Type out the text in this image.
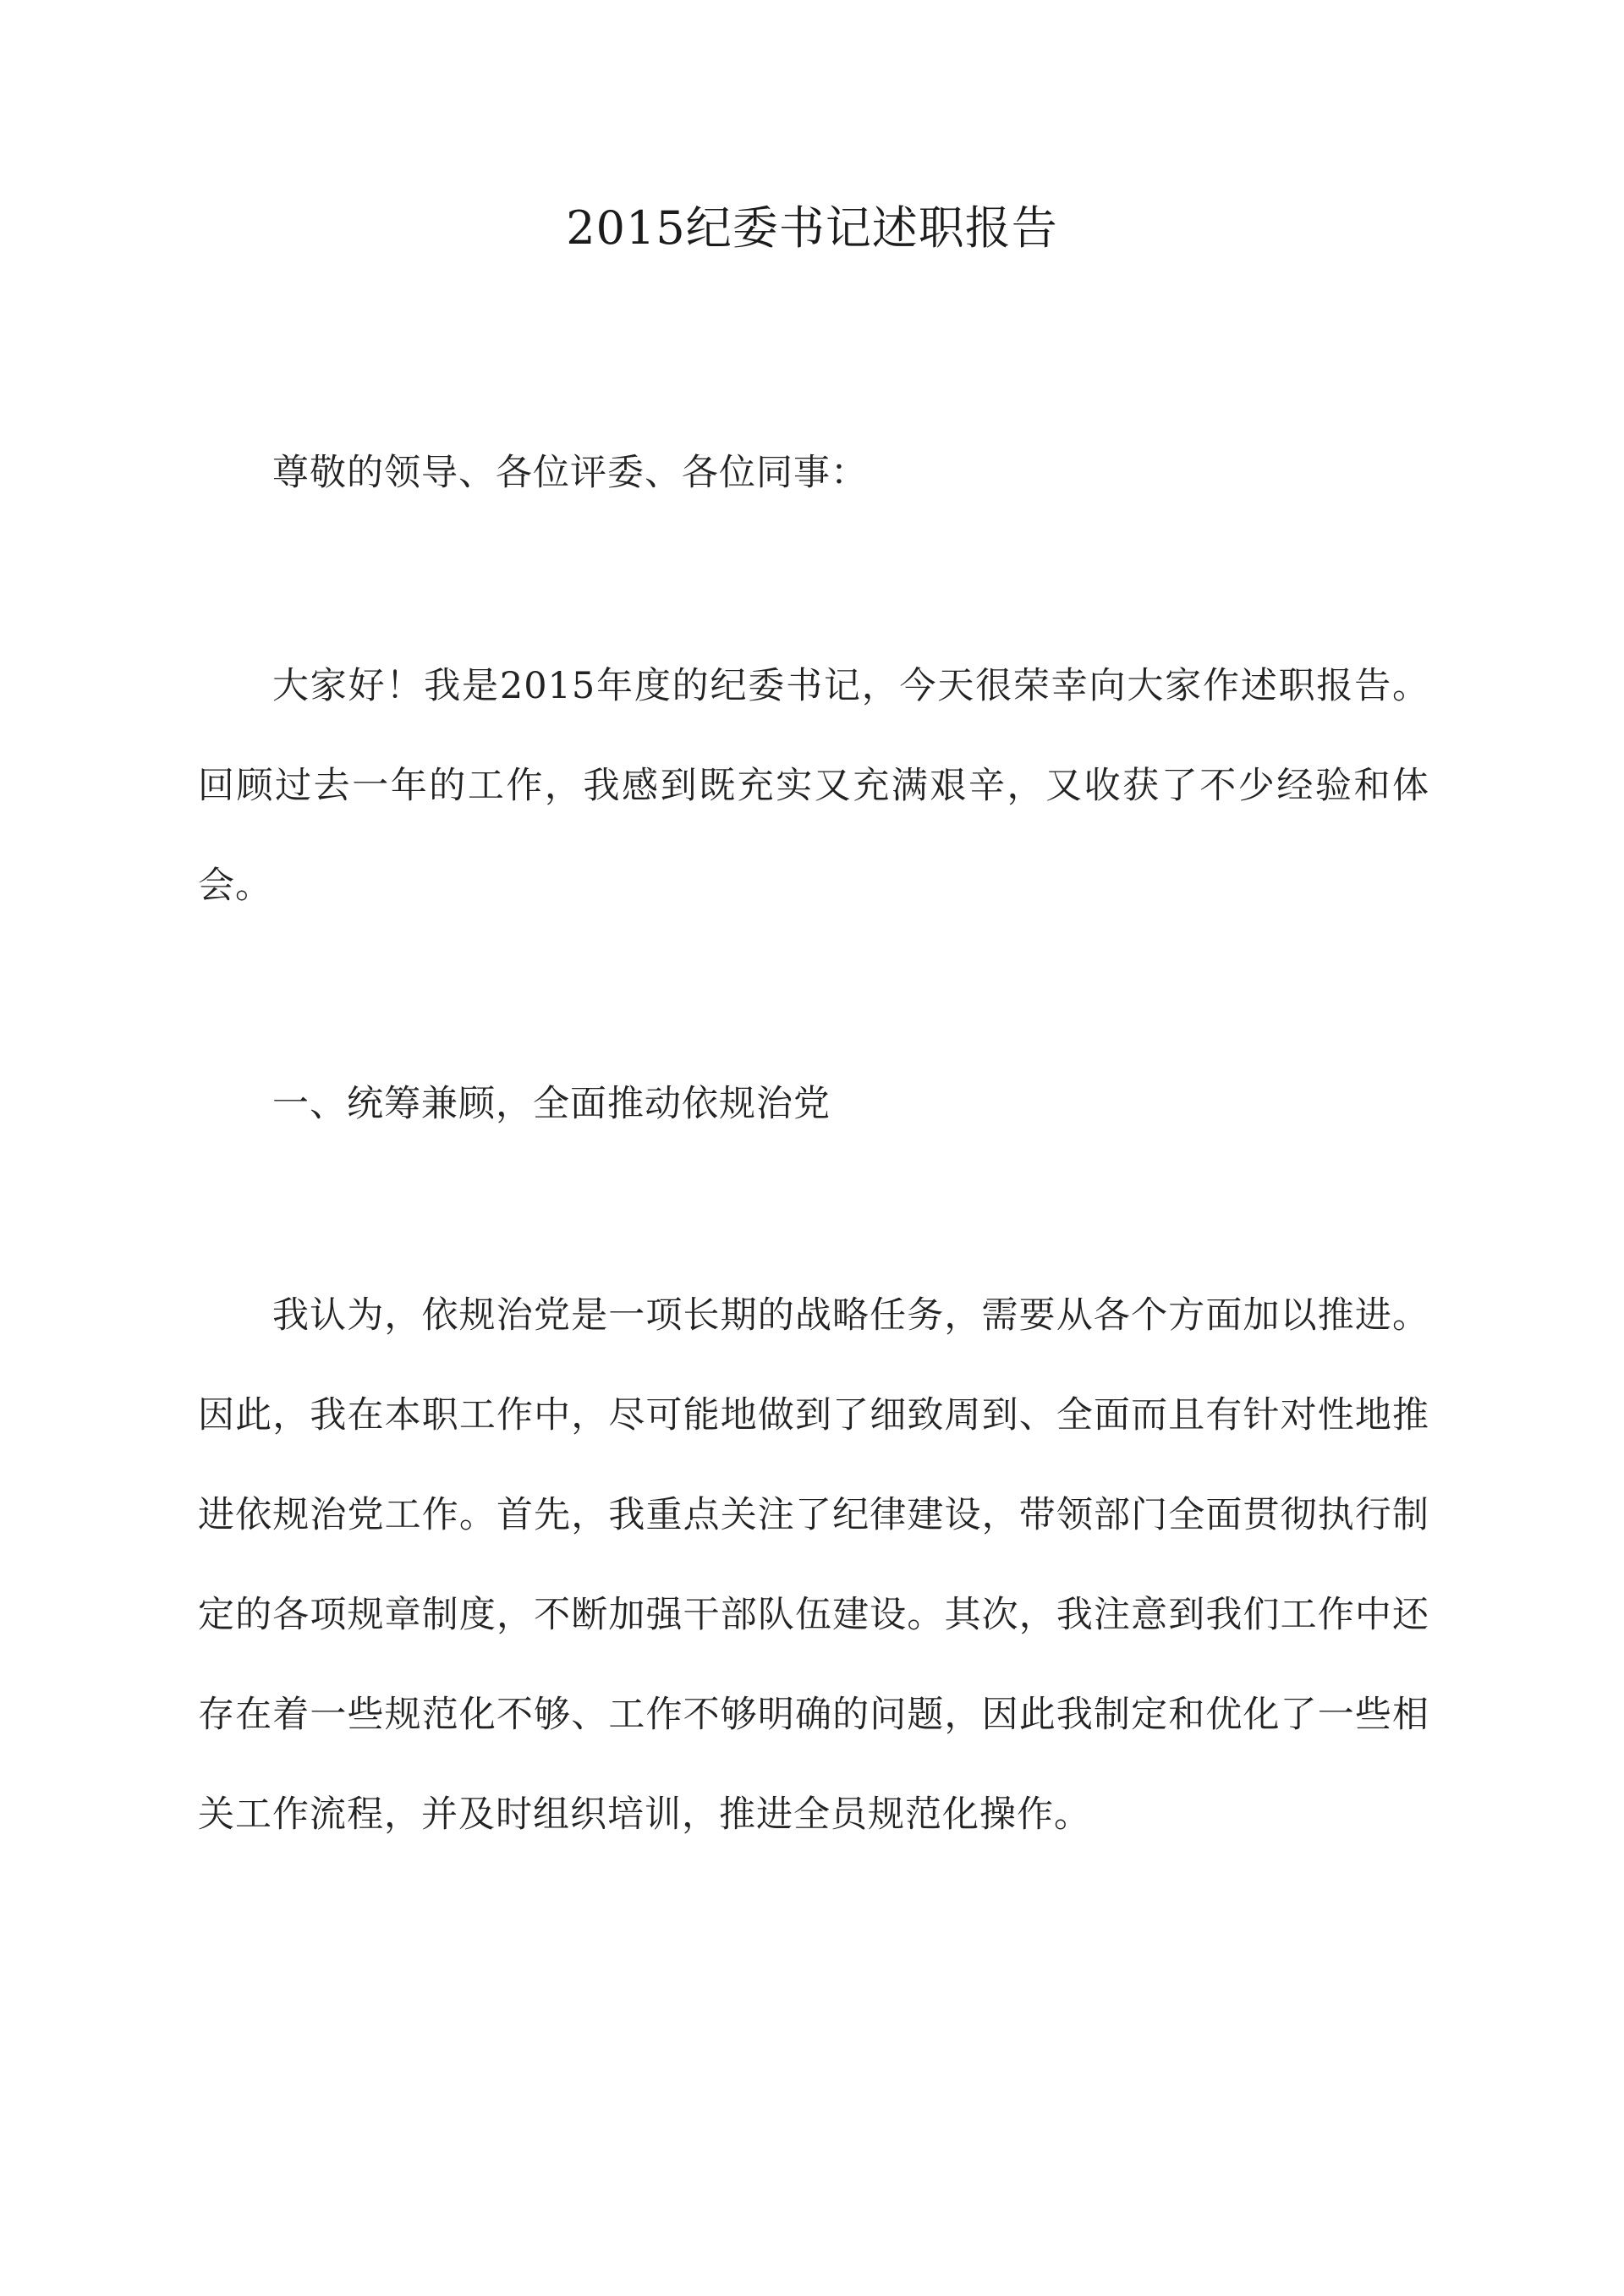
2015纪委书记述职报告

尊敬的领导、各位评委、各位同事：

大家好！我是2015年度的纪委书记，今天很荣幸向大家作述职报告。回顾过去一年的工作，我感到既充实又充满艰辛，又收获了不少经验和体会。

一、统筹兼顾，全面推动依规治党

我认为，依规治党是一项长期的战略任务，需要从各个方面加以推进。因此，我在本职工作中，尽可能地做到了细致周到、全面而且有针对性地推进依规治党工作。首先，我重点关注了纪律建设，带领部门全面贯彻执行制定的各项规章制度，不断加强干部队伍建设。其次，我注意到我们工作中还存在着一些规范化不够、工作不够明确的问题，因此我制定和优化了一些相关工作流程，并及时组织培训，推进全员规范化操作。
